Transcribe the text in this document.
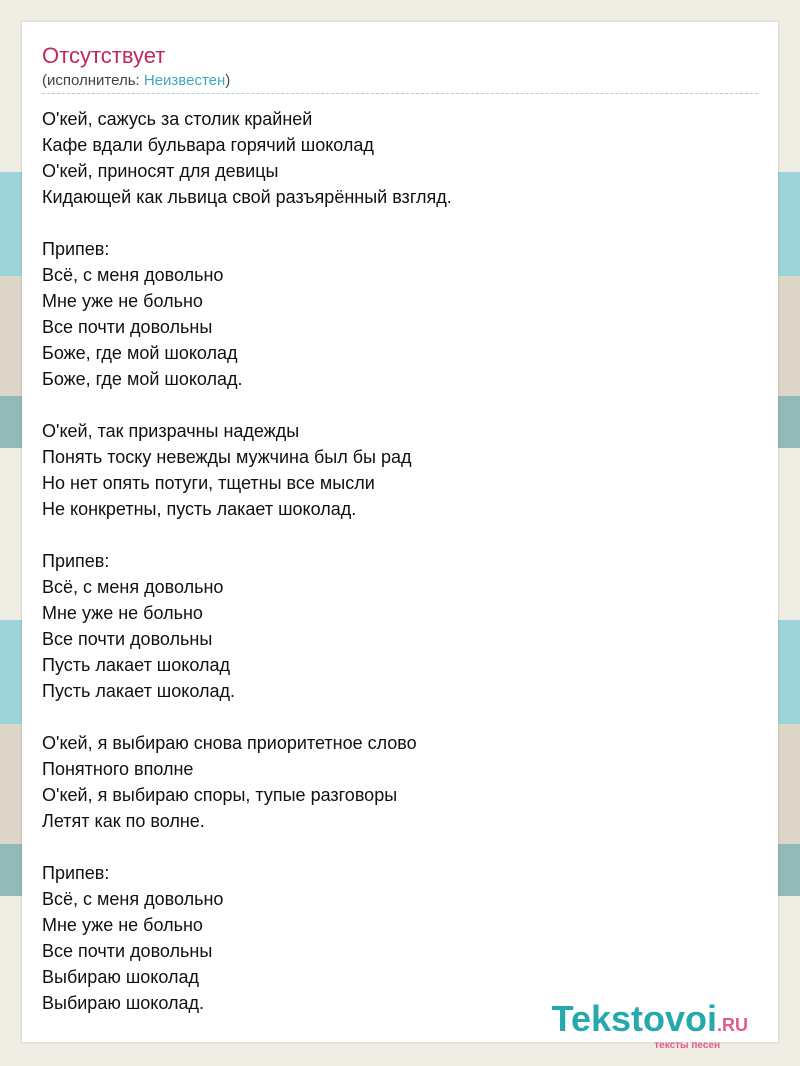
Отсутствует
(исполнитель: Неизвестен)
O'кей, сажусь за столик крайней
Кафе вдали бульвара горячий шоколад
O'кей, приносят для девицы
Кидающей как львица свой разъярённый взгляд.

Припев:
Всё, с меня довольно
Мне уже не больно
Все почти довольны
Боже, где мой шоколад
Боже, где мой шоколад.

O'кей, так призрачны надежды
Понять тоску невежды мужчина был бы рад
Но нет опять потуги, тщетны все мысли
Не конкретны, пусть лакает шоколад.

Припев:
Всё, с меня довольно
Мне уже не больно
Все почти довольны
Пусть лакает шоколад
Пусть лакает шоколад.

O'кей, я выбираю снова приоритетное слово
Понятного вполне
O'кей, я выбираю споры, тупые разговоры
Летят как по волне.

Припев:
Всё, с меня довольно
Мне уже не больно
Все почти довольны
Выбираю шоколад
Выбираю шоколад.	Tekstovoi.RU
тексты песен
